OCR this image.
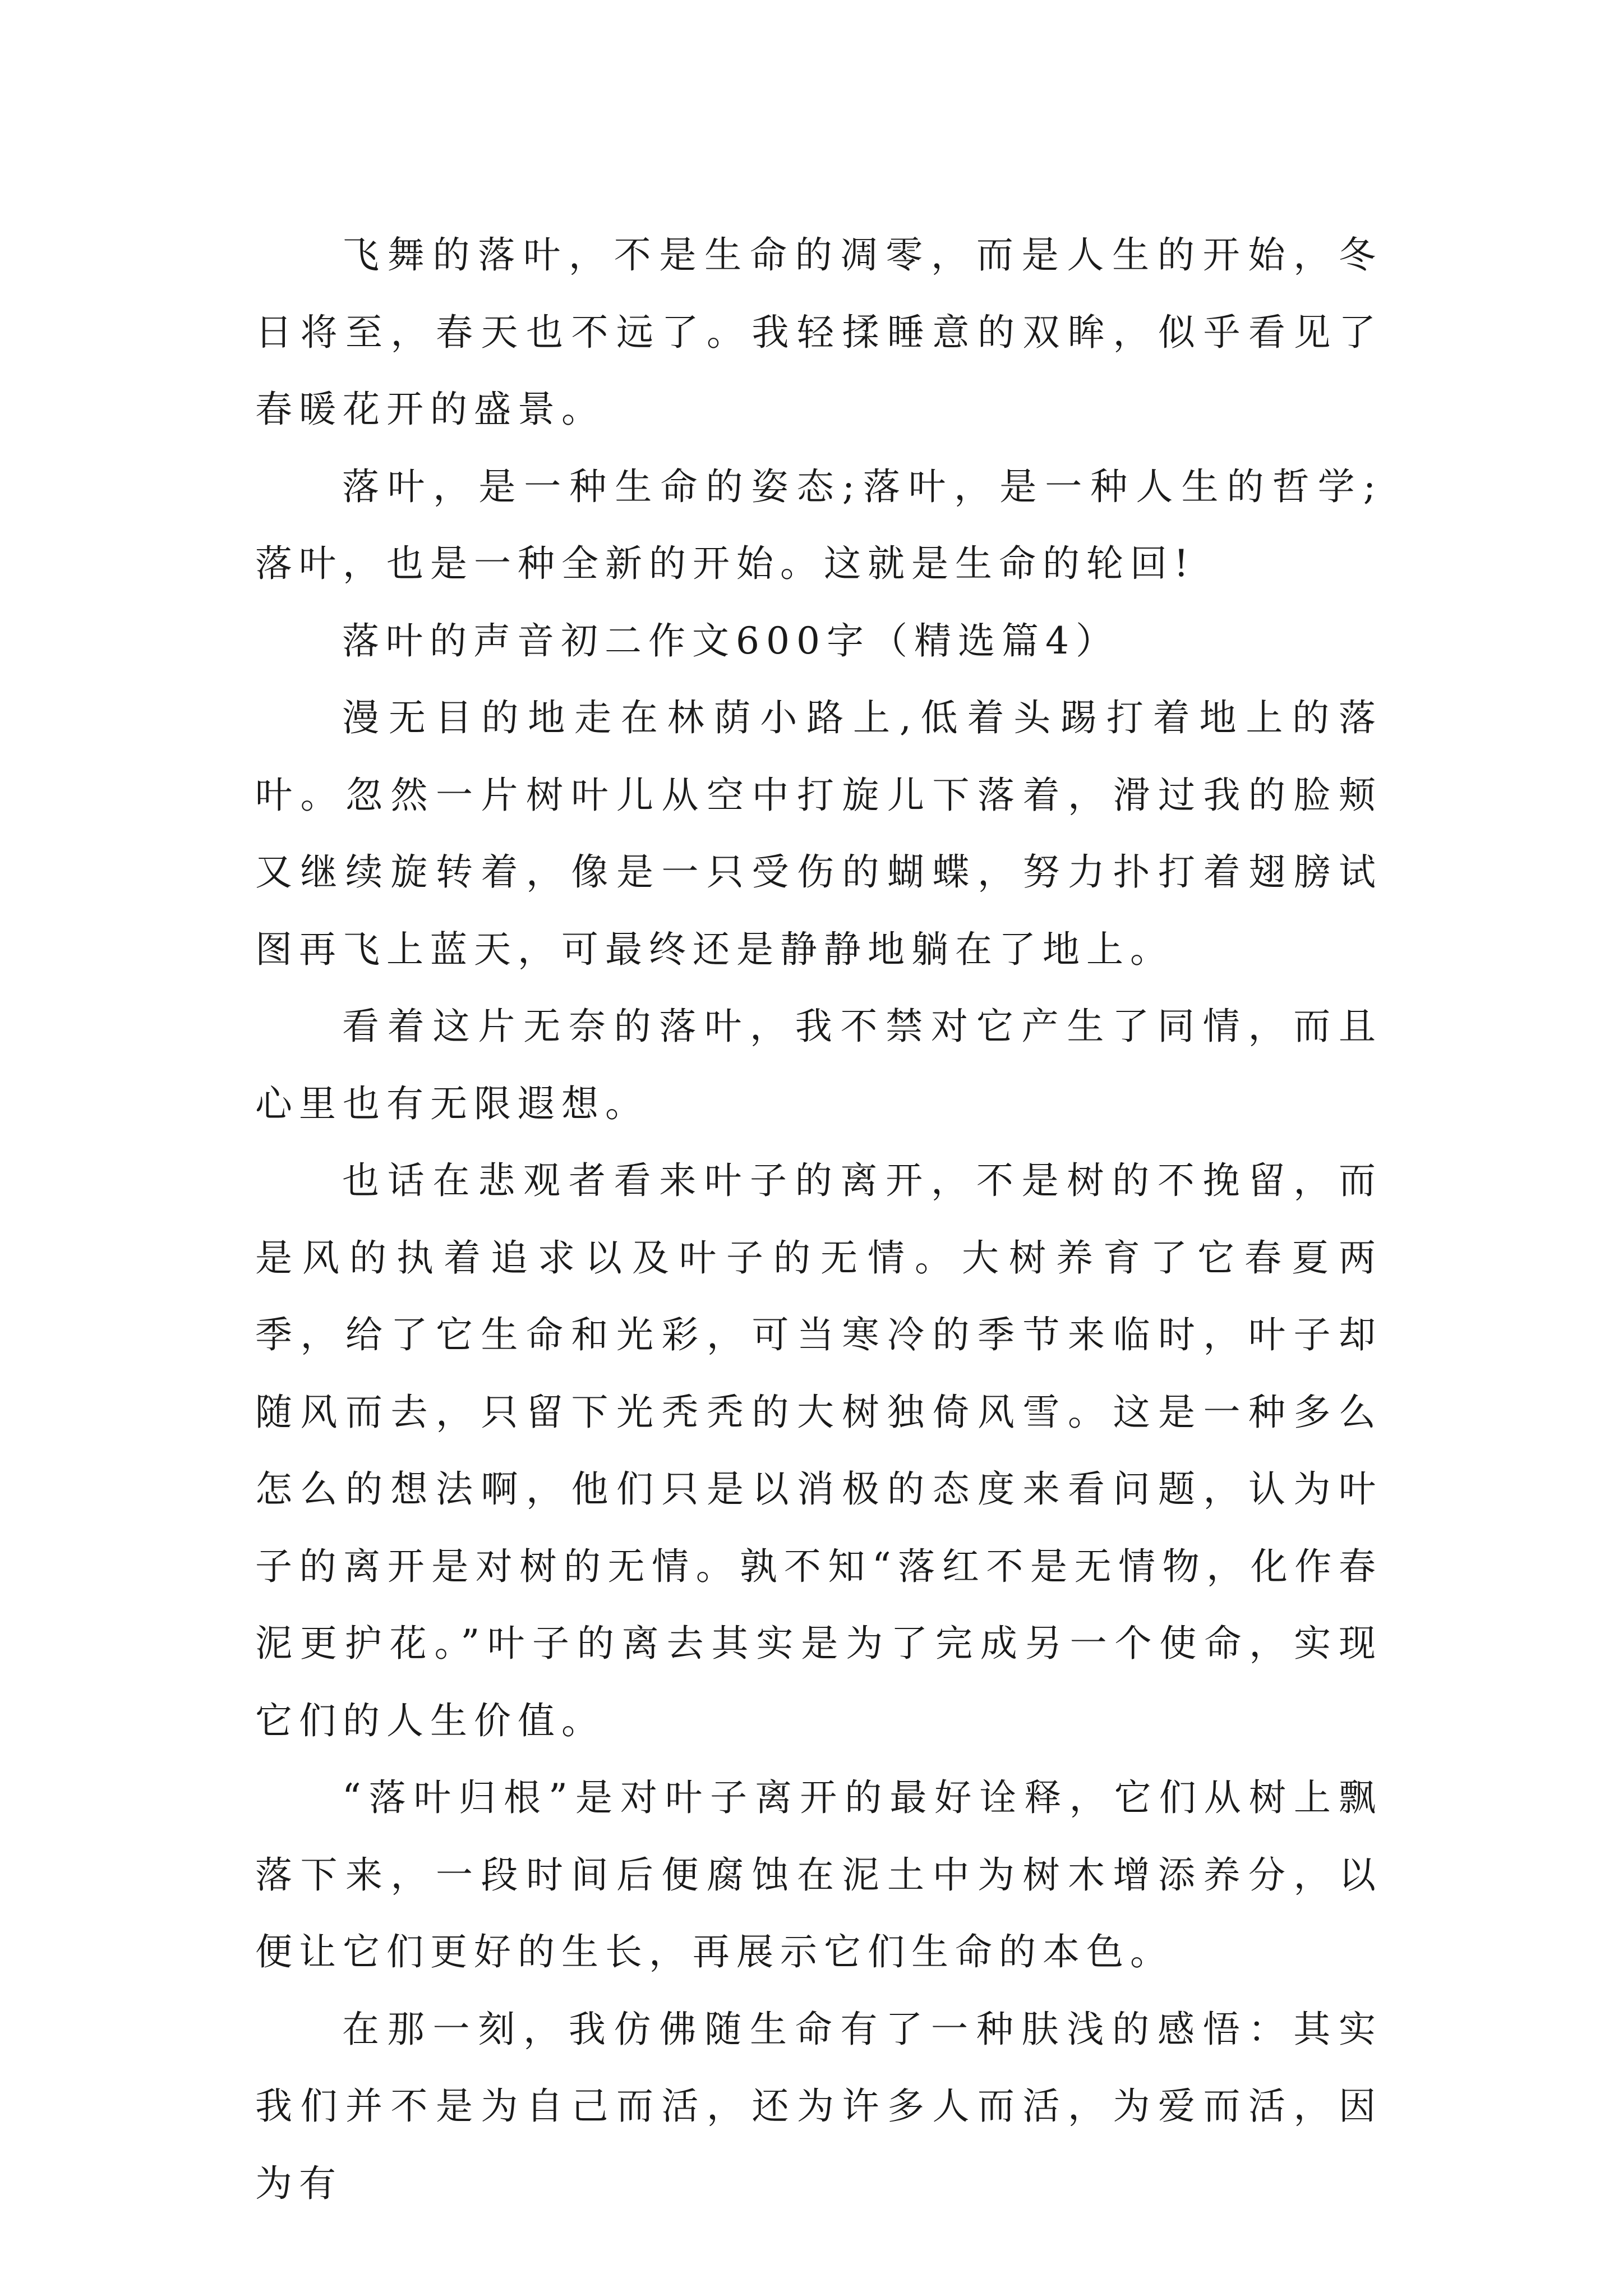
飞舞的落叶，不是生命的凋零，而是人生的开始，冬日将至，春天也不远了。我轻揉睡意的双眸，似乎看见了春暖花开的盛景。

落叶，是一种生命的姿态;落叶，是一种人生的哲学;落叶，也是一种全新的开始。这就是生命的轮回!

落叶的声音初二作文600字（精选篇4）

漫无目的地走在林荫小路上,低着头踢打着地上的落叶。忽然一片树叶儿从空中打旋儿下落着，滑过我的脸颊又继续旋转着，像是一只受伤的蝴蝶，努力扑打着翅膀试图再飞上蓝天，可最终还是静静地躺在了地上。

看着这片无奈的落叶，我不禁对它产生了同情，而且心里也有无限遐想。

也话在悲观者看来叶子的离开，不是树的不挽留，而是风的执着追求以及叶子的无情。大树养育了它春夏两季，给了它生命和光彩，可当寒冷的季节来临时，叶子却随风而去，只留下光秃秃的大树独倚风雪。这是一种多么怎么的想法啊，他们只是以消极的态度来看问题，认为叶子的离开是对树的无情。孰不知“落红不是无情物，化作春泥更护花。”叶子的离去其实是为了完成另一个使命，实现它们的人生价值。

“落叶归根”是对叶子离开的最好诠释，它们从树上飘落下来，一段时间后便腐蚀在泥土中为树木增添养分，以便让它们更好的生长，再展示它们生命的本色。

在那一刻，我仿佛随生命有了一种肤浅的感悟：其实我们并不是为自己而活，还为许多人而活，为爱而活，因为有
